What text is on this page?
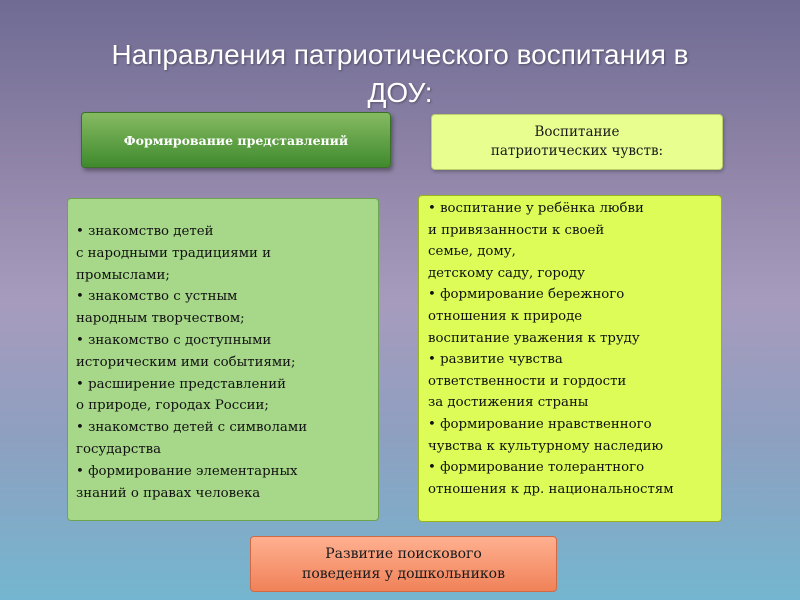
Направления патриотического воспитания в
ДОУ:
Формирование представлений	Воспитание
патриотических чувств:
• знакомство детей
с народными традициями и
промыслами;
• знакомство с устным
народным творчеством;
• знакомство с доступными
историческим ими событиями;
• расширение представлений
о природе, городах России;
• знакомство детей с символами
государства
• формирование элементарных
знаний о правах человека
• воспитание у ребёнка любви
и привязанности к своей
семье, дому,
детскому саду, городу
• формирование бережного
отношения к природе
воспитание уважения к труду
• развитие чувства
ответственности и гордости
за достижения страны
• формирование нравственного
чувства к культурному наследию
• формирование толерантного
отношения к др. национальностям
Развитие поискового
поведения у дошкольников
